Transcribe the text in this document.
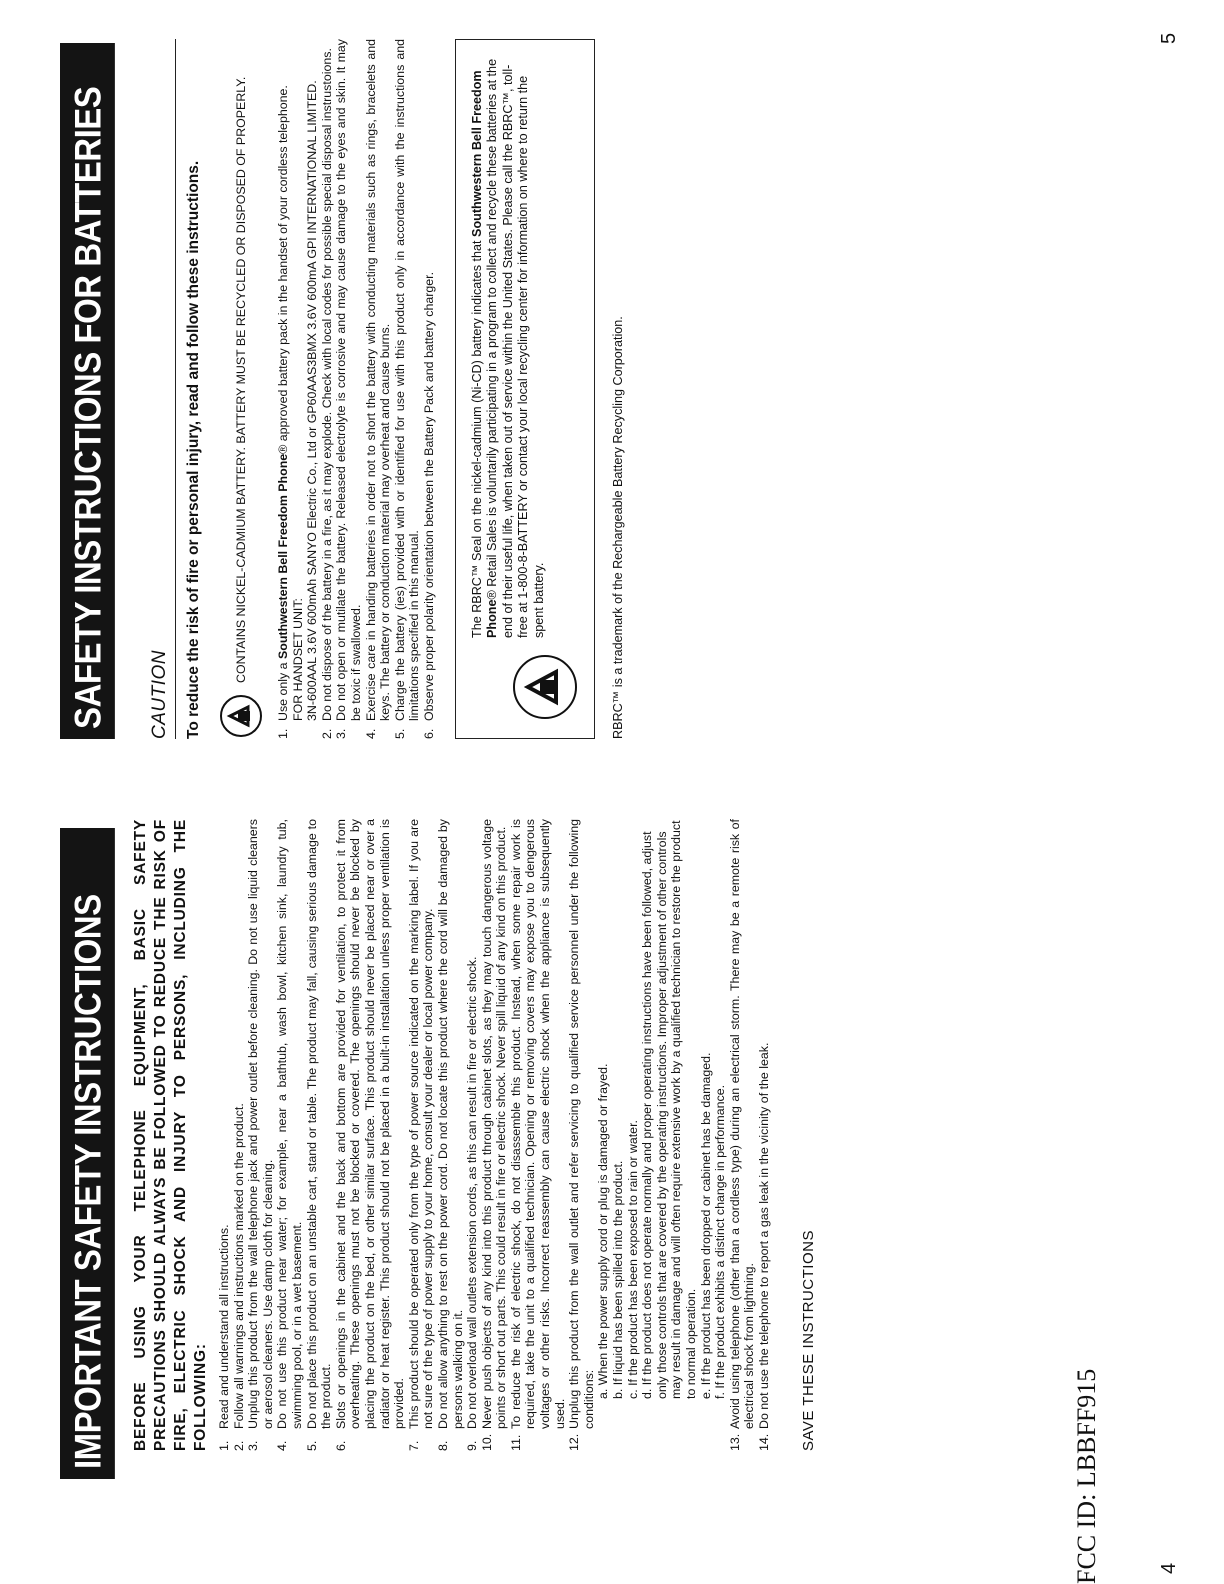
IMPORTANT SAFETY INSTRUCTIONS BEFORE USING YOUR TELEPHONE EQUIPMENT, BASIC SAFETY PRECAUTIONS SHOULD ALWAYS BE FOLLOWED TO REDUCE THE RISK OF FIRE, ELECTRIC SHOCK AND INJURY TO PERSONS, INCLUDING THE FOLLOWING: 1.

Read and understand all instructions.

2.

Follow all warnings and instructions marked on the product.

3.

Unplug this product from the wall telephone jack and power outlet before cleaning. Do not use liquid cleaners or aerosol cleaners. Use damp cloth for cleaning.

4.

Do not use this product near water; for example, near a bathtub, wash bowl, kitchen sink, laundry tub, swimming pool, or in a wet basement.

5.

Do not place this product on an unstable cart, stand or table. The product may fall, causing serious damage to the product.

6.

Slots or openings in the cabinet and the back and bottom are provided for ventilation, to protect it from overheating. These openings must not be blocked or covered. The openings should never be blocked by placing the product on the bed, or other similar surface. This product should never be placed near or over a radiator or heat register. This product should not be placed in a built-in installation unless proper ventilation is provided.

7.

This product should be operated only from the type of power source indicated on the marking label. If you are not sure of the type of power supply to your home, consult your dealer or local power company.

8.

Do not allow anything to rest on the power cord. Do not locate this product where the cord will be damaged by persons walking on it.

9.

Do not overload wall outlets extension cords, as this can result in fire or electric shock.

10.

Never push objects of any kind into this product through cabinet slots, as they may touch dangerous voltage points or short out parts. This could result in fire or electric shock. Never spill liquid of any kind on this product.

11.

To reduce the risk of electric shock, do not disassemble this product. Instead, when some repair work is required, take the unit to a qualified technician. Opening or removing covers may expose you to dengerous voltages or other risks. Incorrect reassembly can cause electric shock when the appliance is subsequently used.

12.

Unplug this product from the wall outlet and refer servicing to qualified service personnel under the following conditions:

a. When the power supply cord or plug is damaged or frayed. b. If liquid has been spilled into the product. c. If the product has been exposed to rain or water. d. If the product does not operate normally and proper operating instructions have been followed, adjust only those controls that are covered by the operating instructions. Improper adjustment of other controls may result in damage and will often require extensive work by a qualified technician to restore the product to normal operation. e. If the product has been dropped or cabinet has be damaged. f. If the product exhibits a distinct change in performance.
13.

Avoid using telephone (other than a cordless type) during an electrical storm. There may be a remote risk of electrical shock from lightning.

14.

Do not use the telephone to report a gas leak in the vicinity of the leak. SAVE THESE INSTRUCTIONS
FCC ID: LBBFF915	4
SAFETY INSTRUCTIONS FOR BATTERIES CAUTION To reduce the risk of fire or personal injury, read and follow these instructions.	CONTAINS NICKEL-CADMIUM BATTERY. BATTERY MUST BE RECYCLED OR DISPOSED OF PROPERLY.
1.
Use only a Southwestern Bell Freedom Phone® approved battery pack in the handset of your cordless telephone.
FOR HANDSET UNIT: 3N-600AAL 3.6V 600mAh SANYO Electric Co., Ltd or GP60AAS3BMX 3.6V 600mA GPI INTERNATIONAL LIMITED.
2.
Do not dispose of the battery in a fire, as it may explode. Check with local codes for possible special disposal instrustoions.
3.
Do not open or mutilate the battery. Released electrolyte is corrosive and may cause damage to the eyes and skin. It may be toxic if swallowed.
4.
Exercise care in handing batteries in order not to short the battery with conducting materials such as rings, bracelets and keys. The battery or conduction material may overheat and cause burns.
5.
Charge the battery (ies) provided with or identified for use with this product only in accordance with the instructions and limitations specified in this manual.
6.
Observe proper polarity orientation between the Battery Pack and battery charger.	The RBRC™ Seal on the nickel-cadmium (Ni-CD) battery indicates that Southwestern Bell Freedom Phone® Retail Sales is voluntarily participating in a program to collect and recycle these batteries at the end of their useful life, when taken out of service within the United States. Please call the RBRC™, toll-free at 1-800-8-BATTERY or contact your local recycling center for information on where to return the spent battery.	RBRC™ is a trademark of the Rechargeable Battery Recycling Corporation.
5
